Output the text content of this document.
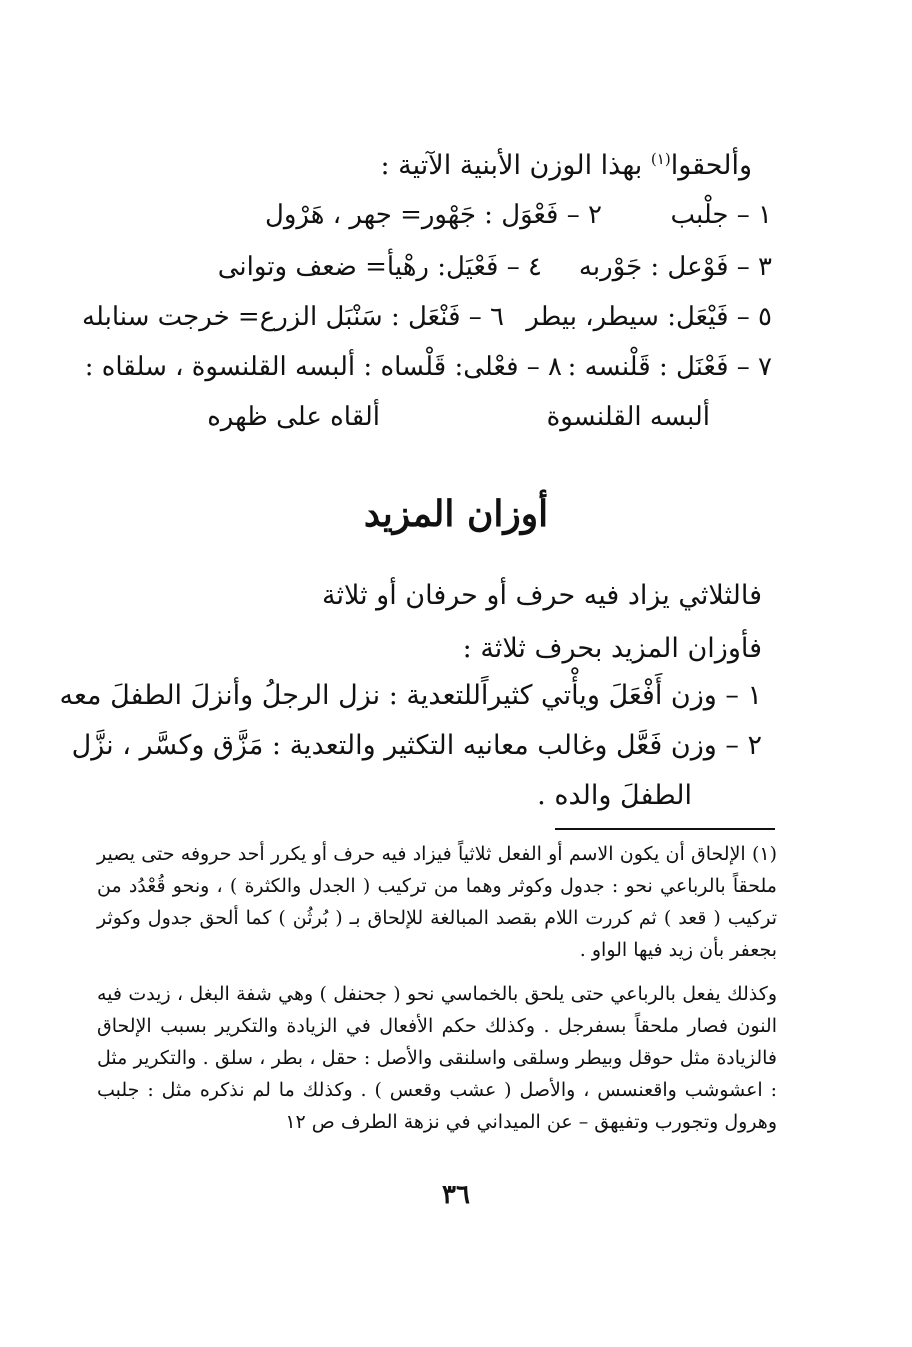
وألحقوا$^{(١)}$ بهذا الوزن الأبنية الآتية :
١ – جلْبب
٢ – فَعْوَل : جَهْور= جهر ، هَرْول
٣ – فَوْعل : جَوْربه
٤ – فَعْيَل: رهْيأ= ضعف وتوانى
٥ – فَيْعَل: سيطر، بيطر
٦ – فَنْعَل : سَنْبَل الزرع= خرجت سنابله
٧ – فَعْنَل : قَلْنسه :
٨ – فعْلى: قَلْساه : ألبسه القلنسوة ، سلقاه :
ألبسه القلنسوة
ألقاه على ظهره
أوزان المزيد
فالثلاثي يزاد فيه حرف أو حرفان أو ثلاثة
فأوزان المزيد بحرف ثلاثة :
١ – وزن أَفْعَلَ ويأْتي كثيراًللتعدية : نزل الرجلُ وأنزلَ الطفلَ معه
٢ – وزن فَعَّل وغالب معانيه التكثير والتعدية : مَزَّق وكسَّر ، نزَّل
الطفلَ والده .
(١) الإلحاق أن يكون الاسم أو الفعل ثلاثياً فيزاد فيه حرف أو يكرر أحد حروفه حتى يصير ملحقاً بالرباعي نحو : جدول وكوثر وهما من تركيب ( الجدل والكثرة ) ، ونحو قُعْدُد من تركيب ( قعد ) ثم كررت اللام بقصد المبالغة للإلحاق بـ ( بُرثُن ) كما ألحق جدول وكوثر بجعفر بأن زيد فيها الواو .
وكذلك يفعل بالرباعي حتى يلحق بالخماسي نحو ( جحنفل ) وهي شفة البغل ، زيدت فيه النون فصار ملحقاً بسفرجل . وكذلك حكم الأفعال في الزيادة والتكرير بسبب الإلحاق فالزيادة مثل حوقل وبيطر وسلقى واسلنقى والأصل : حقل ، بطر ، سلق . والتكرير مثل : اعشوشب واقعنسس ، والأصل ( عشب وقعس ) . وكذلك ما لم نذكره مثل : جلبب وهرول وتجورب وتفيهق – عن الميداني في نزهة الطرف ص ١٢
٣٦
